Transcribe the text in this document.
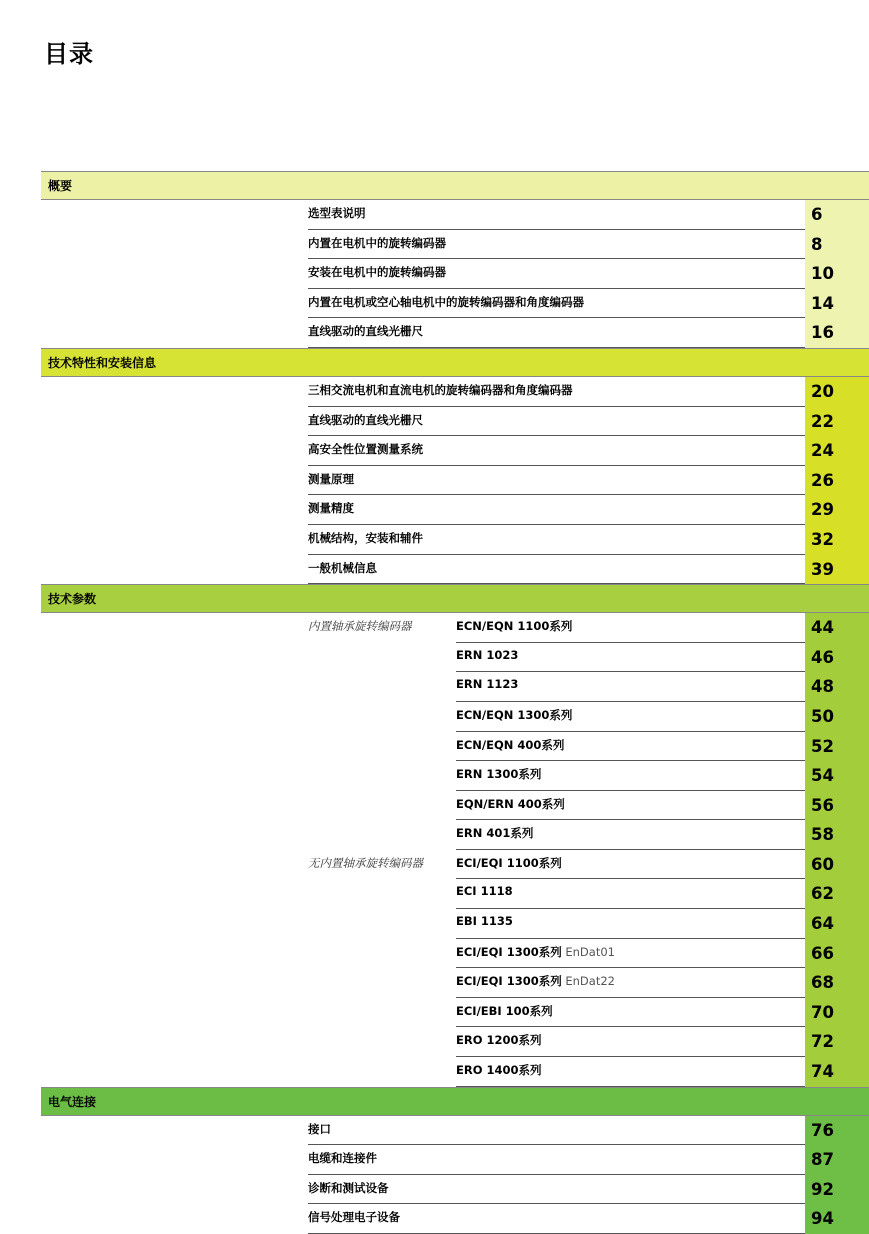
目录
概要
选型表说明	6
内置在电机中的旋转编码器	8
安装在电机中的旋转编码器	10
内置在电机或空心轴电机中的旋转编码器和角度编码器	14
直线驱动的直线光栅尺	16
技术特性和安装信息
三相交流电机和直流电机的旋转编码器和角度编码器	20
直线驱动的直线光栅尺	22
高安全性位置测量系统	24
测量原理	26
测量精度	29
机械结构，安装和辅件	32
一般机械信息	39
技术参数
内置轴承旋转编码器	ECN/EQN 1100系列	44
ERN 1023	46
ERN 1123	48
ECN/EQN 1300系列	50
ECN/EQN 400系列	52
ERN 1300系列	54
EQN/ERN 400系列	56
ERN 401系列	58
无内置轴承旋转编码器	ECI/EQI 1100系列	60
ECI 1118	62
EBI 1135	64
ECI/EQI 1300系列 EnDat01	66
ECI/EQI 1300系列 EnDat22	68
ECI/EBI 100系列	70
ERO 1200系列	72
ERO 1400系列	74
电气连接
接口	76
电缆和连接件	87
诊断和测试设备	92
信号处理电子设备	94
